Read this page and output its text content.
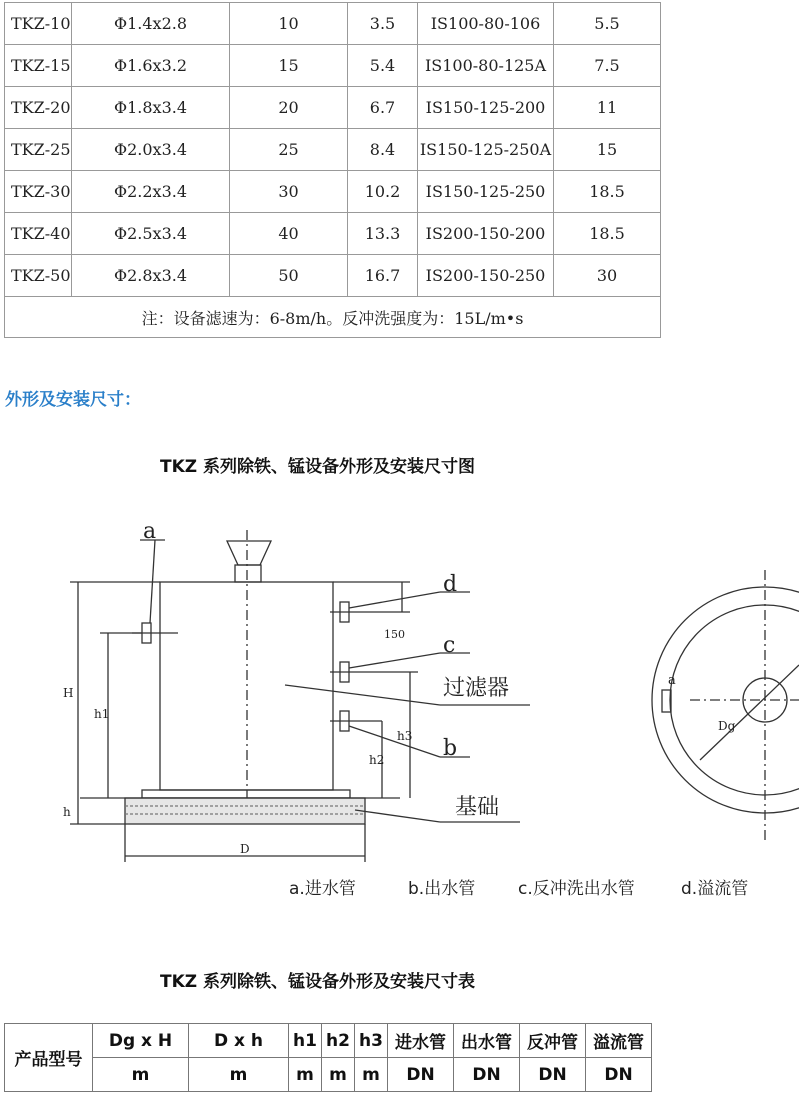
TKZ-10	Φ1.4x2.8	10	3.5	IS100-80-106	5.5
TKZ-15	Φ1.6x3.2	15	5.4	IS100-80-125A	7.5
TKZ-20	Φ1.8x3.4	20	6.7	IS150-125-200	11
TKZ-25	Φ2.0x3.4	25	8.4	IS150-125-250A	15
TKZ-30	Φ2.2x3.4	30	10.2	IS150-125-250	18.5
TKZ-40	Φ2.5x3.4	40	13.3	IS200-150-200	18.5
TKZ-50	Φ2.8x3.4	50	16.7	IS200-150-250	30
注：设备滤速为：6-8m/h。反冲洗强度为：15L/m•s					
外形及安装尺寸：
TKZ 系列除铁、锰设备外形及安装尺寸图
a
d
c
b
H
h
h1
h2
h3
150
D
Dg
a
过滤器
基础
a.进水管	b.出水管	c.反冲洗出水管	d.溢流管
TKZ 系列除铁、锰设备外形及安装尺寸表
产品型号	Dg x H	D x h	h1	h2	h3	进水管	出水管	反冲管	溢流管
	m	m	m	m	m	DN	DN	DN	DN
